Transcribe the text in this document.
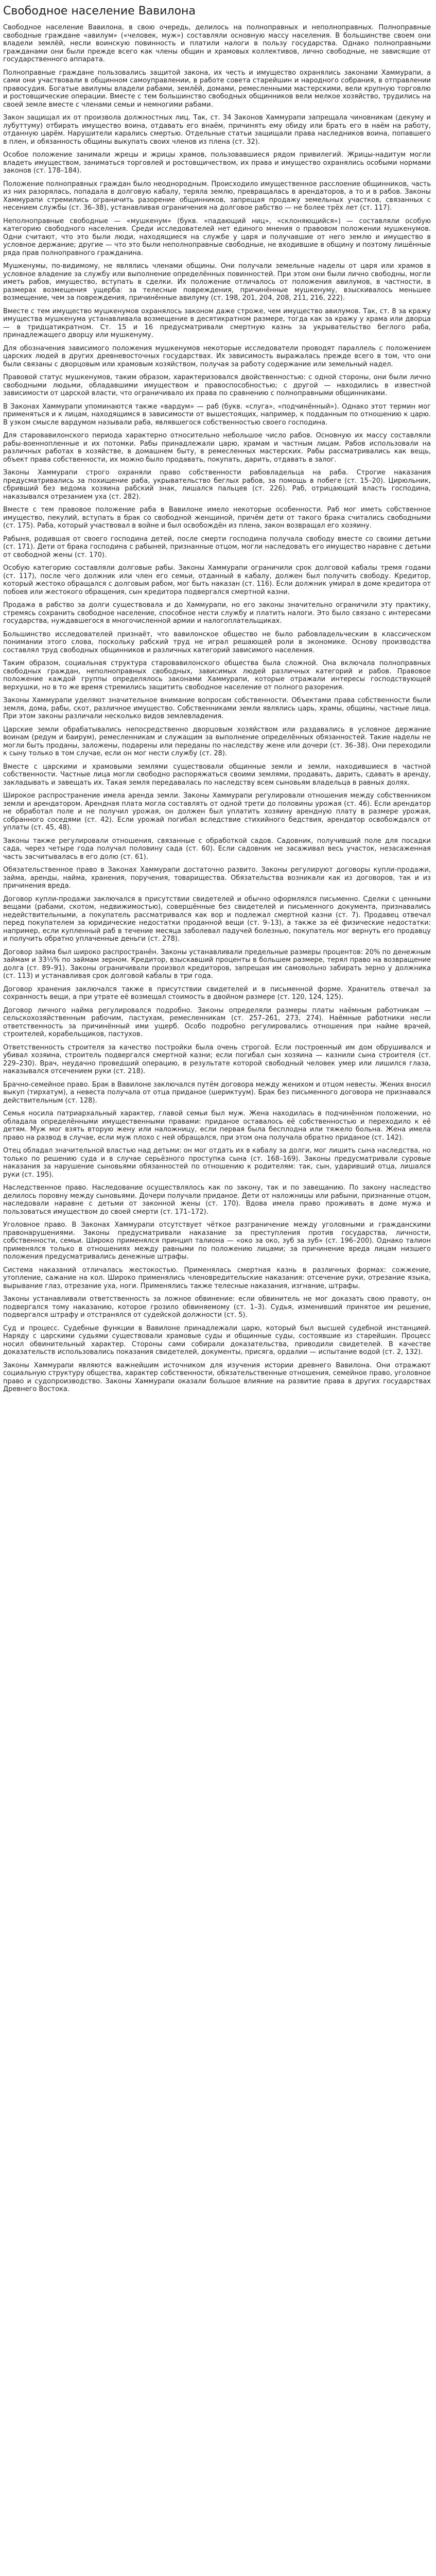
Свободное население Вавилона

Свободное население Вавилона, в свою очередь, делилось на полноправных и неполноправных. Полноправные свободные граждане «авилум» («человек, муж») составляли основную массу населения. В большинстве своем они владели землёй, несли воинскую повинность и платили налоги в пользу государства. Однако полноправными гражданами они были прежде всего как члены общин и храмовых коллективов, лично свободные, не зависящие от государственного аппарата.

Полноправные граждане пользовались защитой закона, их честь и имущество охранялись законами Хаммурапи, а сами они участвовали в общинном самоуправлении, в работе совета старейшин и народного собрания, в отправлении правосудия. Богатые авилумы владели рабами, землёй, домами, ремесленными мастерскими, вели крупную торговлю и ростовщические операции. Вместе с тем большинство свободных общинников вели мелкое хозяйство, трудились на своей земле вместе с членами семьи и немногими рабами.

Закон защищал их от произвола должностных лиц. Так, ст. 34 Законов Хаммурапи запрещала чиновникам (декуму и лубуттуму) отбирать имущество воина, отдавать его внаём, причинять ему обиду или брать его в наём на работу, отданную царём. Нарушители карались смертью. Отдельные статьи защищали права наследников воина, попавшего в плен, и обязанность общины выкупать своих членов из плена (ст. 32).

Особое положение занимали жрецы и жрицы храмов, пользовавшиеся рядом привилегий. Жрицы-надитум могли владеть имуществом, заниматься торговлей и ростовщичеством, их права и имущество охранялись особыми нормами законов (ст. 178–184).

Положение полноправных граждан было неоднородным. Происходило имущественное расслоение общинников, часть из них разорялась, попадала в долговую кабалу, теряла землю, превращалась в арендаторов, а то и в рабов. Законы Хаммурапи стремились ограничить разорение общинников, запрещая продажу земельных участков, связанных с несением службы (ст. 36–38), устанавливая ограничения на долговое рабство — не более трёх лет (ст. 117).

Неполноправные свободные — «мушкенум» (букв. «падающий ниц», «склоняющийся») — составляли особую категорию свободного населения. Среди исследователей нет единого мнения о правовом положении мушкенумов. Одни считают, что это были люди, находящиеся на службе у царя и получавшие от него землю и имущество в условное держание; другие — что это были неполноправные свободные, не входившие в общину и поэтому лишённые ряда прав полноправного гражданина.

Мушкенумы, по-видимому, не являлись членами общины. Они получали земельные наделы от царя или храмов в условное владение за службу или выполнение определённых повинностей. При этом они были лично свободны, могли иметь рабов, имущество, вступать в сделки. Их положение отличалось от положения авилумов, в частности, в размерах возмещения ущерба: за телесные повреждения, причинённые мушкенуму, взыскивалось меньшее возмещение, чем за повреждения, причинённые авилуму (ст. 198, 201, 204, 208, 211, 216, 222).

Вместе с тем имущество мушкенумов охранялось законом даже строже, чем имущество авилумов. Так, ст. 8 за кражу имущества мушкенума устанавливала возмещение в десятикратном размере, тогда как за кражу у храма или дворца — в тридцатикратном. Ст. 15 и 16 предусматривали смертную казнь за укрывательство беглого раба, принадлежащего дворцу или мушкенуму.

Для обозначения зависимого положения мушкенумов некоторые исследователи проводят параллель с положением царских людей в других древневосточных государствах. Их зависимость выражалась прежде всего в том, что они были связаны с дворцовым или храмовым хозяйством, получая за работу содержание или земельный надел.

Правовой статус мушкенумов, таким образом, характеризовался двойственностью: с одной стороны, они были лично свободными людьми, обладавшими имуществом и правоспособностью; с другой — находились в известной зависимости от царской власти, что ограничивало их права по сравнению с полноправными общинниками.

В Законах Хаммурапи упоминаются также «вардум» — раб (букв. «слуга», «подчинённый»). Однако этот термин мог применяться и к лицам, находящимся в зависимости от вышестоящих, например, к подданным по отношению к царю. В узком смысле вардумом называли раба, являвшегося собственностью своего господина.

Для старовавилонского периода характерно относительно небольшое число рабов. Основную их массу составляли рабы-военнопленные и их потомки. Рабы принадлежали царю, храмам и частным лицам. Рабов использовали на различных работах в хозяйстве, в домашнем быту, в ремесленных мастерских. Рабы рассматривались как вещь, объект права собственности, их можно было продавать, покупать, дарить, отдавать в залог.

Законы Хаммурапи строго охраняли право собственности рабовладельца на раба. Строгие наказания предусматривались за похищение раба, укрывательство беглых рабов, за помощь в побеге (ст. 15–20). Цирюльник, сбривший без ведома хозяина рабский знак, лишался пальцев (ст. 226). Раб, отрицающий власть господина, наказывался отрезанием уха (ст. 282).

Вместе с тем правовое положение раба в Вавилоне имело некоторые особенности. Раб мог иметь собственное имущество, пекулий, вступать в брак со свободной женщиной, причём дети от такого брака считались свободными (ст. 175). Раба, который участвовал в войне и был освобождён из плена, закон возвращал его хозяину.

Рабыня, родившая от своего господина детей, после смерти господина получала свободу вместе со своими детьми (ст. 171). Дети от брака господина с рабыней, признанные отцом, могли наследовать его имущество наравне с детьми от свободной жены (ст. 170).

Особую категорию составляли долговые рабы. Законы Хаммурапи ограничили срок долговой кабалы тремя годами (ст. 117), после чего должник или член его семьи, отданный в кабалу, должен был получить свободу. Кредитор, который жестоко обращался с долговым рабом, мог быть наказан (ст. 116). Если должник умирал в доме кредитора от побоев или жестокого обращения, сын кредитора подвергался смертной казни.

Продажа в рабство за долги существовала и до Хаммурапи, но его законы значительно ограничили эту практику, стремясь сохранить свободное население, способное нести службу и платить налоги. Это было связано с интересами государства, нуждавшегося в многочисленной армии и налогоплательщиках.

Большинство исследователей признаёт, что вавилонское общество не было рабовладельческим в классическом понимании этого слова, поскольку рабский труд не играл решающей роли в экономике. Основу производства составлял труд свободных общинников и различных категорий зависимого населения.

Таким образом, социальная структура старовавилонского общества была сложной. Она включала полноправных свободных граждан, неполноправных свободных, зависимых людей различных категорий и рабов. Правовое положение каждой группы определялось законами Хаммурапи, которые отражали интересы господствующей верхушки, но в то же время стремились защитить свободное население от полного разорения.

Законы Хаммурапи уделяют значительное внимание вопросам собственности. Объектами права собственности были земля, дома, рабы, скот, различное имущество. Собственниками земли являлись царь, храмы, общины, частные лица. При этом законы различали несколько видов землевладения.

Царские земли обрабатывались непосредственно дворцовым хозяйством или раздавались в условное держание воинам (редум и баирум), ремесленникам и служащим за выполнение определённых обязанностей. Такие наделы не могли быть проданы, заложены, подарены или переданы по наследству жене или дочери (ст. 36–38). Они переходили к сыну только в том случае, если он мог нести службу (ст. 28).

Вместе с царскими и храмовыми землями существовали общинные земли и земли, находившиеся в частной собственности. Частные лица могли свободно распоряжаться своими землями, продавать, дарить, сдавать в аренду, закладывать и завещать их. Такая земля передавалась по наследству всем сыновьям владельца в равных долях.

Широкое распространение имела аренда земли. Законы Хаммурапи регулировали отношения между собственником земли и арендатором. Арендная плата могла составлять от одной трети до половины урожая (ст. 46). Если арендатор не обработал поле и не получил урожая, он должен был уплатить хозяину арендную плату в размере урожая, собранного соседями (ст. 42). Если урожай погибал вследствие стихийного бедствия, арендатор освобождался от уплаты (ст. 45, 48).

Законы также регулировали отношения, связанные с обработкой садов. Садовник, получивший поле для посадки сада, через четыре года получал половину сада (ст. 60). Если садовник не засаживал весь участок, незасаженная часть засчитывалась в его долю (ст. 61).

Обязательственное право в Законах Хаммурапи достаточно развито. Законы регулируют договоры купли-продажи, займа, аренды, найма, хранения, поручения, товарищества. Обязательства возникали как из договоров, так и из причинения вреда.

Договор купли-продажи заключался в присутствии свидетелей и обычно оформлялся письменно. Сделки с ценными вещами (рабами, скотом, недвижимостью), совершённые без свидетелей и письменного документа, признавались недействительными, а покупатель рассматривался как вор и подлежал смертной казни (ст. 7). Продавец отвечал перед покупателем за юридические недостатки проданной вещи (ст. 9–13), а также за её физические недостатки: например, если купленный раб в течение месяца заболевал падучей болезнью, покупатель мог вернуть его продавцу и получить обратно уплаченные деньги (ст. 278).

Договор займа был широко распространён. Законы устанавливали предельные размеры процентов: 20% по денежным займам и 33⅓% по займам зерном. Кредитор, взыскавший проценты в большем размере, терял право на возвращение долга (ст. 89–91). Законы ограничивали произвол кредиторов, запрещая им самовольно забирать зерно у должника (ст. 113) и устанавливая срок долговой кабалы в три года.

Договор хранения заключался также в присутствии свидетелей и в письменной форме. Хранитель отвечал за сохранность вещи, а при утрате её возмещал стоимость в двойном размере (ст. 120, 124, 125).

Договор личного найма регулировался подробно. Законы определяли размеры платы наёмным работникам — сельскохозяйственным рабочим, пастухам, ремесленникам (ст. 257–261, 273, 274). Наёмные работники несли ответственность за причинённый ими ущерб. Особо подробно регулировались отношения при найме врачей, строителей, корабельщиков, пастухов.

Ответственность строителя за качество постройки была очень строгой. Если построенный им дом обрушивался и убивал хозяина, строитель подвергался смертной казни; если погибал сын хозяина — казнили сына строителя (ст. 229–230). Врач, неудачно проведший операцию, в результате которой свободный человек умер или лишился глаза, наказывался отсечением руки (ст. 218).

Брачно-семейное право. Брак в Вавилоне заключался путём договора между женихом и отцом невесты. Жених вносил выкуп (тирхатум), а невеста получала от отца приданое (шериктуум). Брак без письменного договора не признавался действительным (ст. 128).

Семья носила патриархальный характер, главой семьи был муж. Жена находилась в подчинённом положении, но обладала определёнными имущественными правами: приданое оставалось её собственностью и переходило к её детям. Муж мог взять вторую жену или наложницу, если первая была бесплодна или тяжело больна. Жена имела право на развод в случае, если муж плохо с ней обращался, при этом она получала обратно приданое (ст. 142).

Отец обладал значительной властью над детьми: он мог отдать их в кабалу за долги, мог лишить сына наследства, но только по решению суда и в случае серьёзного проступка сына (ст. 168–169). Законы предусматривали суровые наказания за нарушение сыновьями обязанностей по отношению к родителям: так, сын, ударивший отца, лишался руки (ст. 195).

Наследственное право. Наследование осуществлялось как по закону, так и по завещанию. По закону наследство делилось поровну между сыновьями. Дочери получали приданое. Дети от наложницы или рабыни, признанные отцом, наследовали наравне с детьми от законной жены (ст. 170). Вдова имела право проживать в доме мужа и пользоваться имуществом до своей смерти (ст. 171–172).

Уголовное право. В Законах Хаммурапи отсутствует чёткое разграничение между уголовными и гражданскими правонарушениями. Законы предусматривали наказание за преступления против государства, личности, собственности, семьи. Широко применялся принцип талиона — «око за око, зуб за зуб» (ст. 196–200). Однако талион применялся только в отношениях между равными по положению лицами; за причинение вреда лицам низшего положения предусматривались денежные штрафы.

Система наказаний отличалась жестокостью. Применялась смертная казнь в различных формах: сожжение, утопление, сажание на кол. Широко применялись членовредительские наказания: отсечение руки, отрезание языка, вырывание глаз, отрезание уха, ноги. Применялись также телесные наказания, изгнание, штрафы.

Законы устанавливали ответственность за ложное обвинение: если обвинитель не мог доказать свою правоту, он подвергался тому наказанию, которое грозило обвиняемому (ст. 1–3). Судья, изменивший принятое им решение, подвергался штрафу и отстранялся от судейской должности (ст. 5).

Суд и процесс. Судебные функции в Вавилоне принадлежали царю, который был высшей судебной инстанцией. Наряду с царскими судьями существовали храмовые суды и общинные суды, состоявшие из старейшин. Процесс носил обвинительный характер. Стороны сами собирали доказательства, приводили свидетелей. В качестве доказательств использовались показания свидетелей, документы, присяга, ордалии — испытание водой (ст. 2, 132).

Законы Хаммурапи являются важнейшим источником для изучения истории древнего Вавилона. Они отражают социальную структуру общества, характер собственности, обязательственные отношения, семейное право, уголовное право и судопроизводство. Законы Хаммурапи оказали большое влияние на развитие права в других государствах Древнего Востока.
